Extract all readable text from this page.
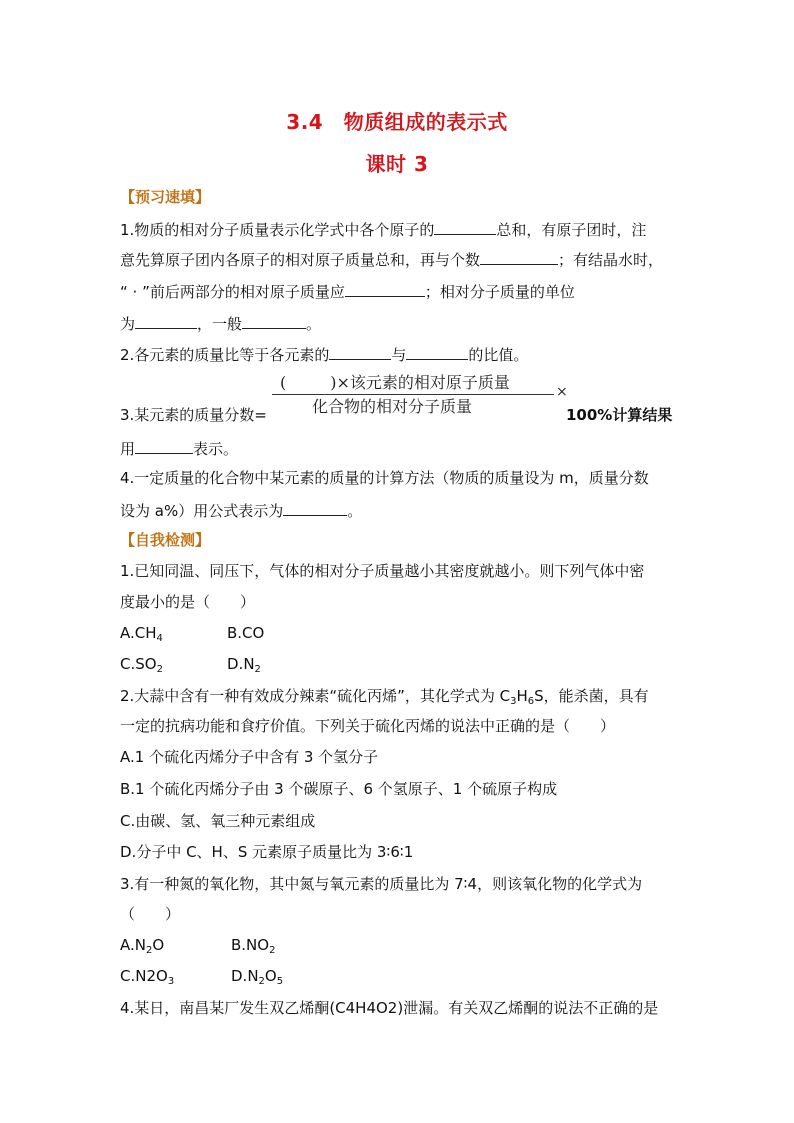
3.4　物质组成的表示式
课时 3
【预习速填】
1.物质的相对分子质量表示化学式中各个原子的	总和，有原子团时，注
意先算原子团内各原子的相对原子质量总和，再与个数	；有结晶水时，
“ · ”前后两部分的相对原子质量应	；相对分子质量的单位
为	，一般	。
2.各元素的质量比等于各元素的	与	的比值。
(	)×该元素的相对原子质量
化合物的相对分子质量
×
3.某元素的质量分数=	100%计算结果
用	表示。
4.一定质量的化合物中某元素的质量的计算方法（物质的质量设为 m，质量分数
设为 a%）用公式表示为	。
【自我检测】
1.已知同温、同压下，气体的相对分子质量越小其密度就越小。则下列气体中密
度最小的是（　　）
$A.CH_4$	B.CO
$C.SO_2$	$D.N_2$
2.大蒜中含有一种有效成分辣素“硫化丙烯”，其化学式为 $C_3H_6S$，能杀菌，具有
一定的抗病功能和食疗价值。下列关于硫化丙烯的说法中正确的是（　　）
A.1 个硫化丙烯分子中含有 3 个氢分子
B.1 个硫化丙烯分子由 3 个碳原子、6 个氢原子、1 个硫原子构成
C.由碳、氢、氧三种元素组成
D.分子中 C、H、S 元素原子质量比为 3∶6∶1
3.有一种氮的氧化物，其中氮与氧元素的质量比为 7∶4，则该氧化物的化学式为
（　　）
$A.N_2O$	$B.NO_2$
$C.N2O_3$	$D.N_2O_5$
4.某日，南昌某厂发生双乙烯酮(C4H4O2)泄漏。有关双乙烯酮的说法不正确的是
